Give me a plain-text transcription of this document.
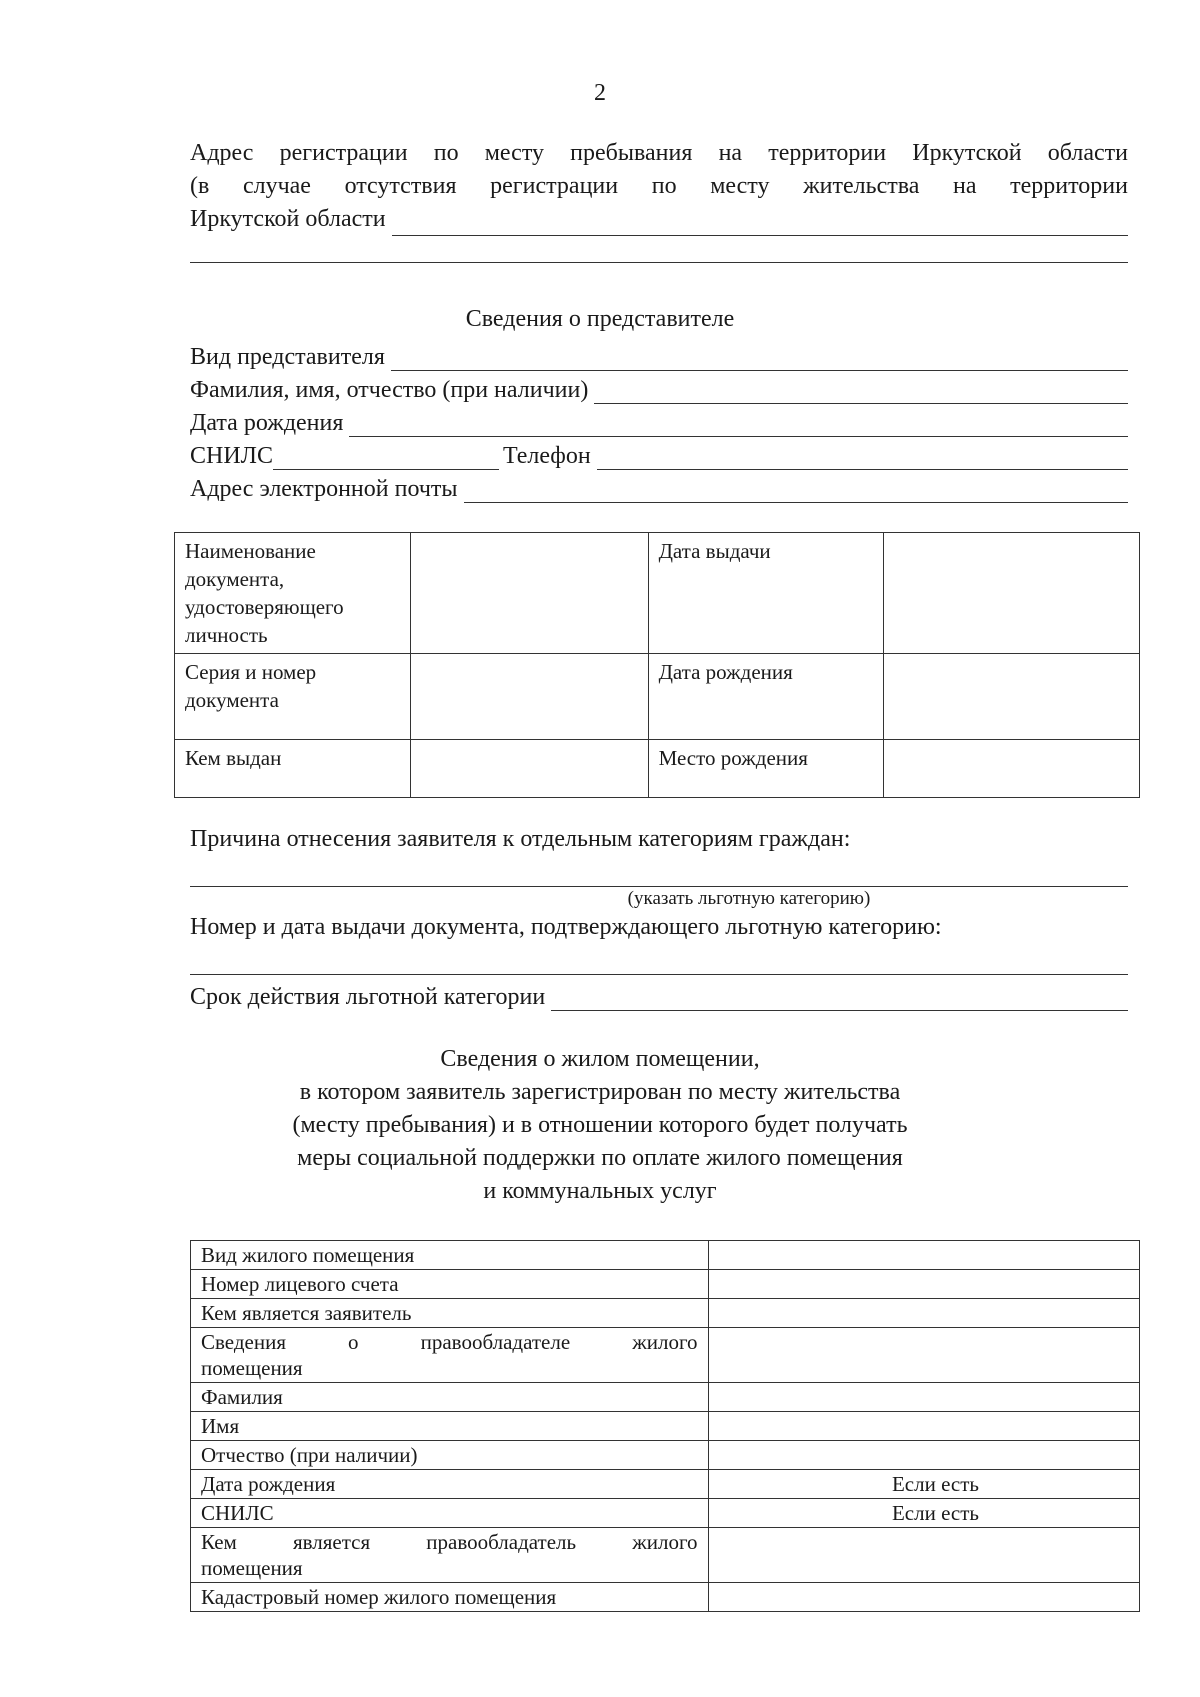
2
Адрес регистрации по месту пребывания на территории Иркутской области
(в случае отсутствия регистрации по месту жительства на территории
Иркутской области
Сведения о представителе
Вид представителя
Фамилия, имя, отчество (при наличии)
Дата рождения
СНИЛС	Телефон
Адрес электронной почты
Наименование документа, удостоверяющего личность		Дата выдачи	
Серия и номер документа		Дата рождения	
Кем выдан		Место рождения	
Причина отнесения заявителя к отдельным категориям граждан:
(указать льготную категорию)
Номер и дата выдачи документа, подтверждающего льготную категорию:
Срок действия льготной категории
Сведения о жилом помещении,
в котором заявитель зарегистрирован по месту жительства
(месту пребывания) и в отношении которого будет получать
меры социальной поддержки по оплате жилого помещения
и коммунальных услуг
Вид жилого помещения	
Номер лицевого счета	
Кем является заявитель	

Сведения о правообладателе жилого
помещения	

Фамилия	
Имя	
Отчество (при наличии)	
Дата рождения	Если есть

СНИЛС	Если есть

Кем является правообладатель жилого
помещения	

Кадастровый номер жилого помещения	
